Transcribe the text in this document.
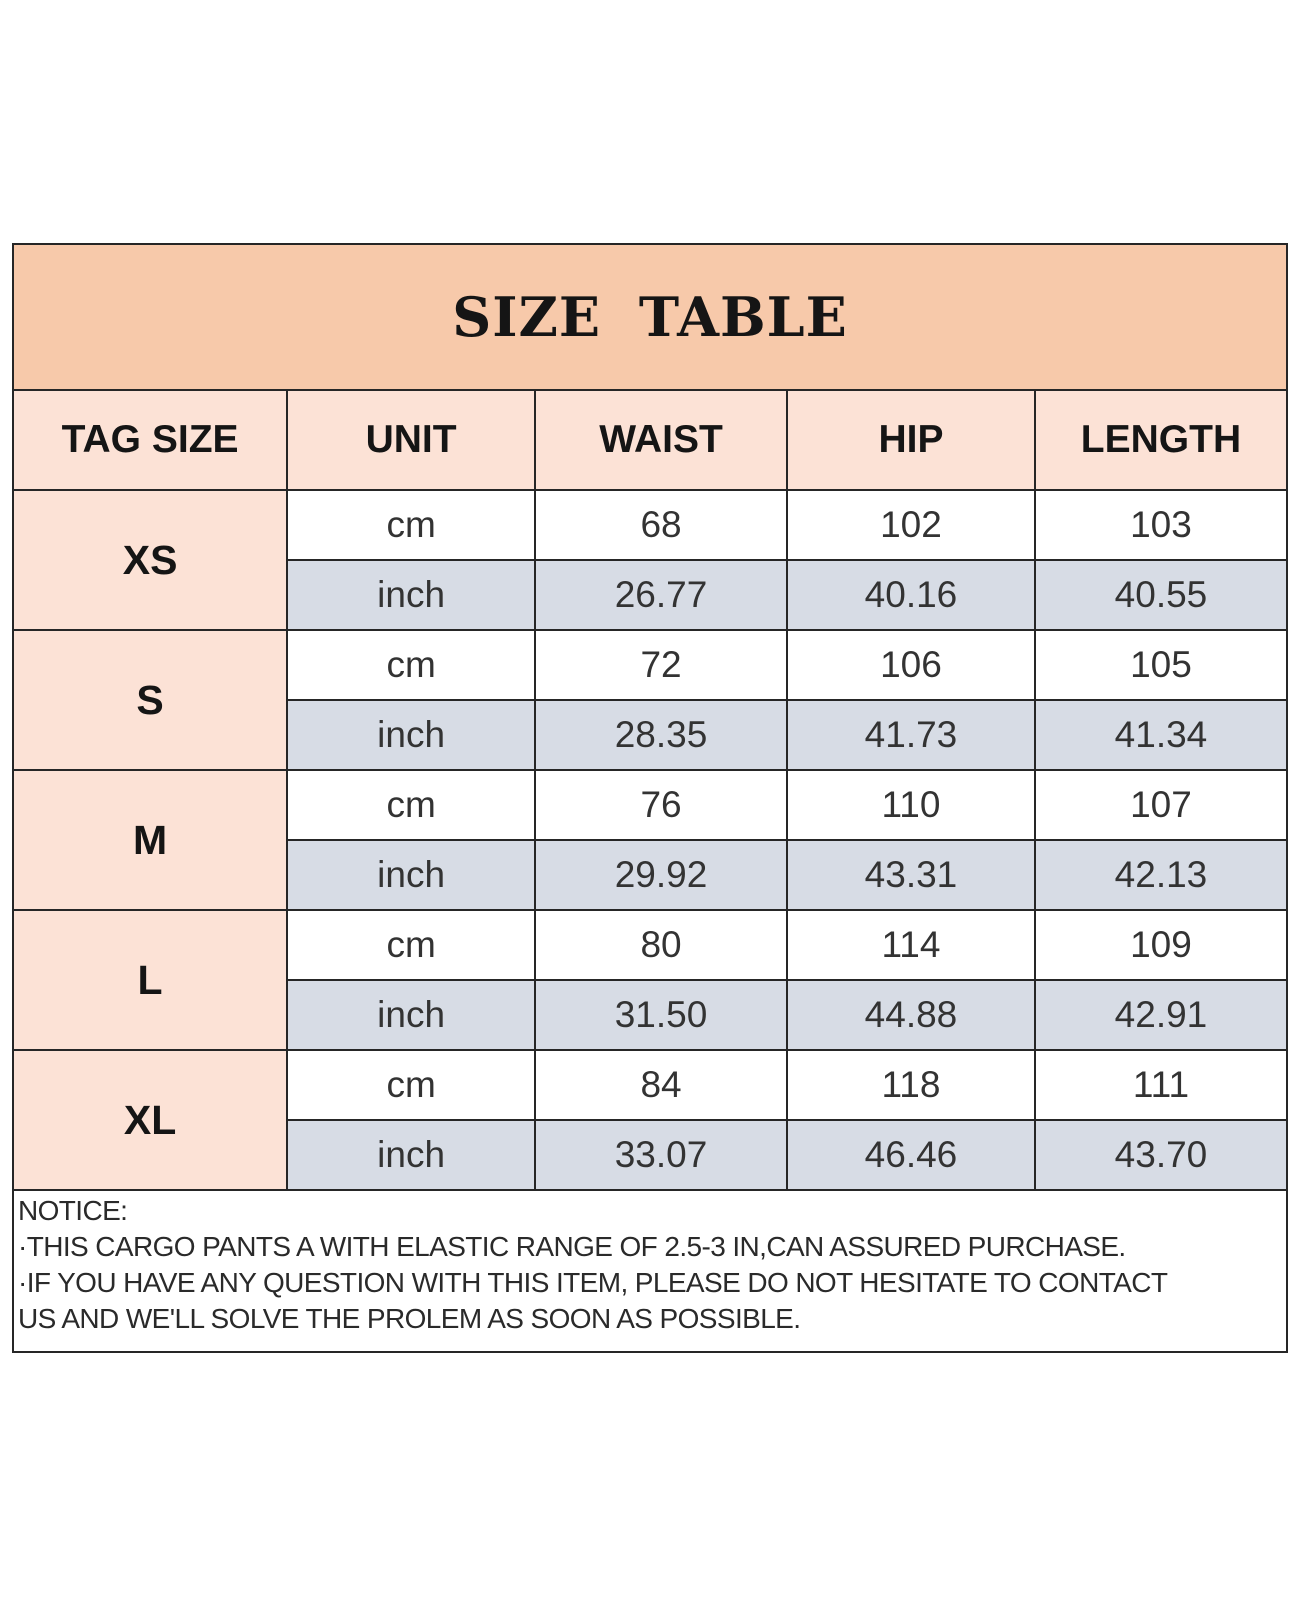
SIZE TABLE				
TAG SIZE	UNIT	WAIST	HIP	LENGTH
XS	cm	68	102	103
	inch	26.77	40.16	40.55
S	cm	72	106	105
	inch	28.35	41.73	41.34
M	cm	76	110	107
	inch	29.92	43.31	42.13
L	cm	80	114	109
	inch	31.50	44.88	42.91
XL	cm	84	118	111
	inch	33.07	46.46	43.70

NOTICE:
·THIS CARGO PANTS A WITH ELASTIC RANGE OF 2.5-3 IN,CAN ASSURED PURCHASE.
·IF YOU HAVE ANY QUESTION WITH THIS ITEM, PLEASE DO NOT HESITATE TO CONTACT
US AND WE'LL SOLVE THE PROLEM AS SOON AS POSSIBLE.				
